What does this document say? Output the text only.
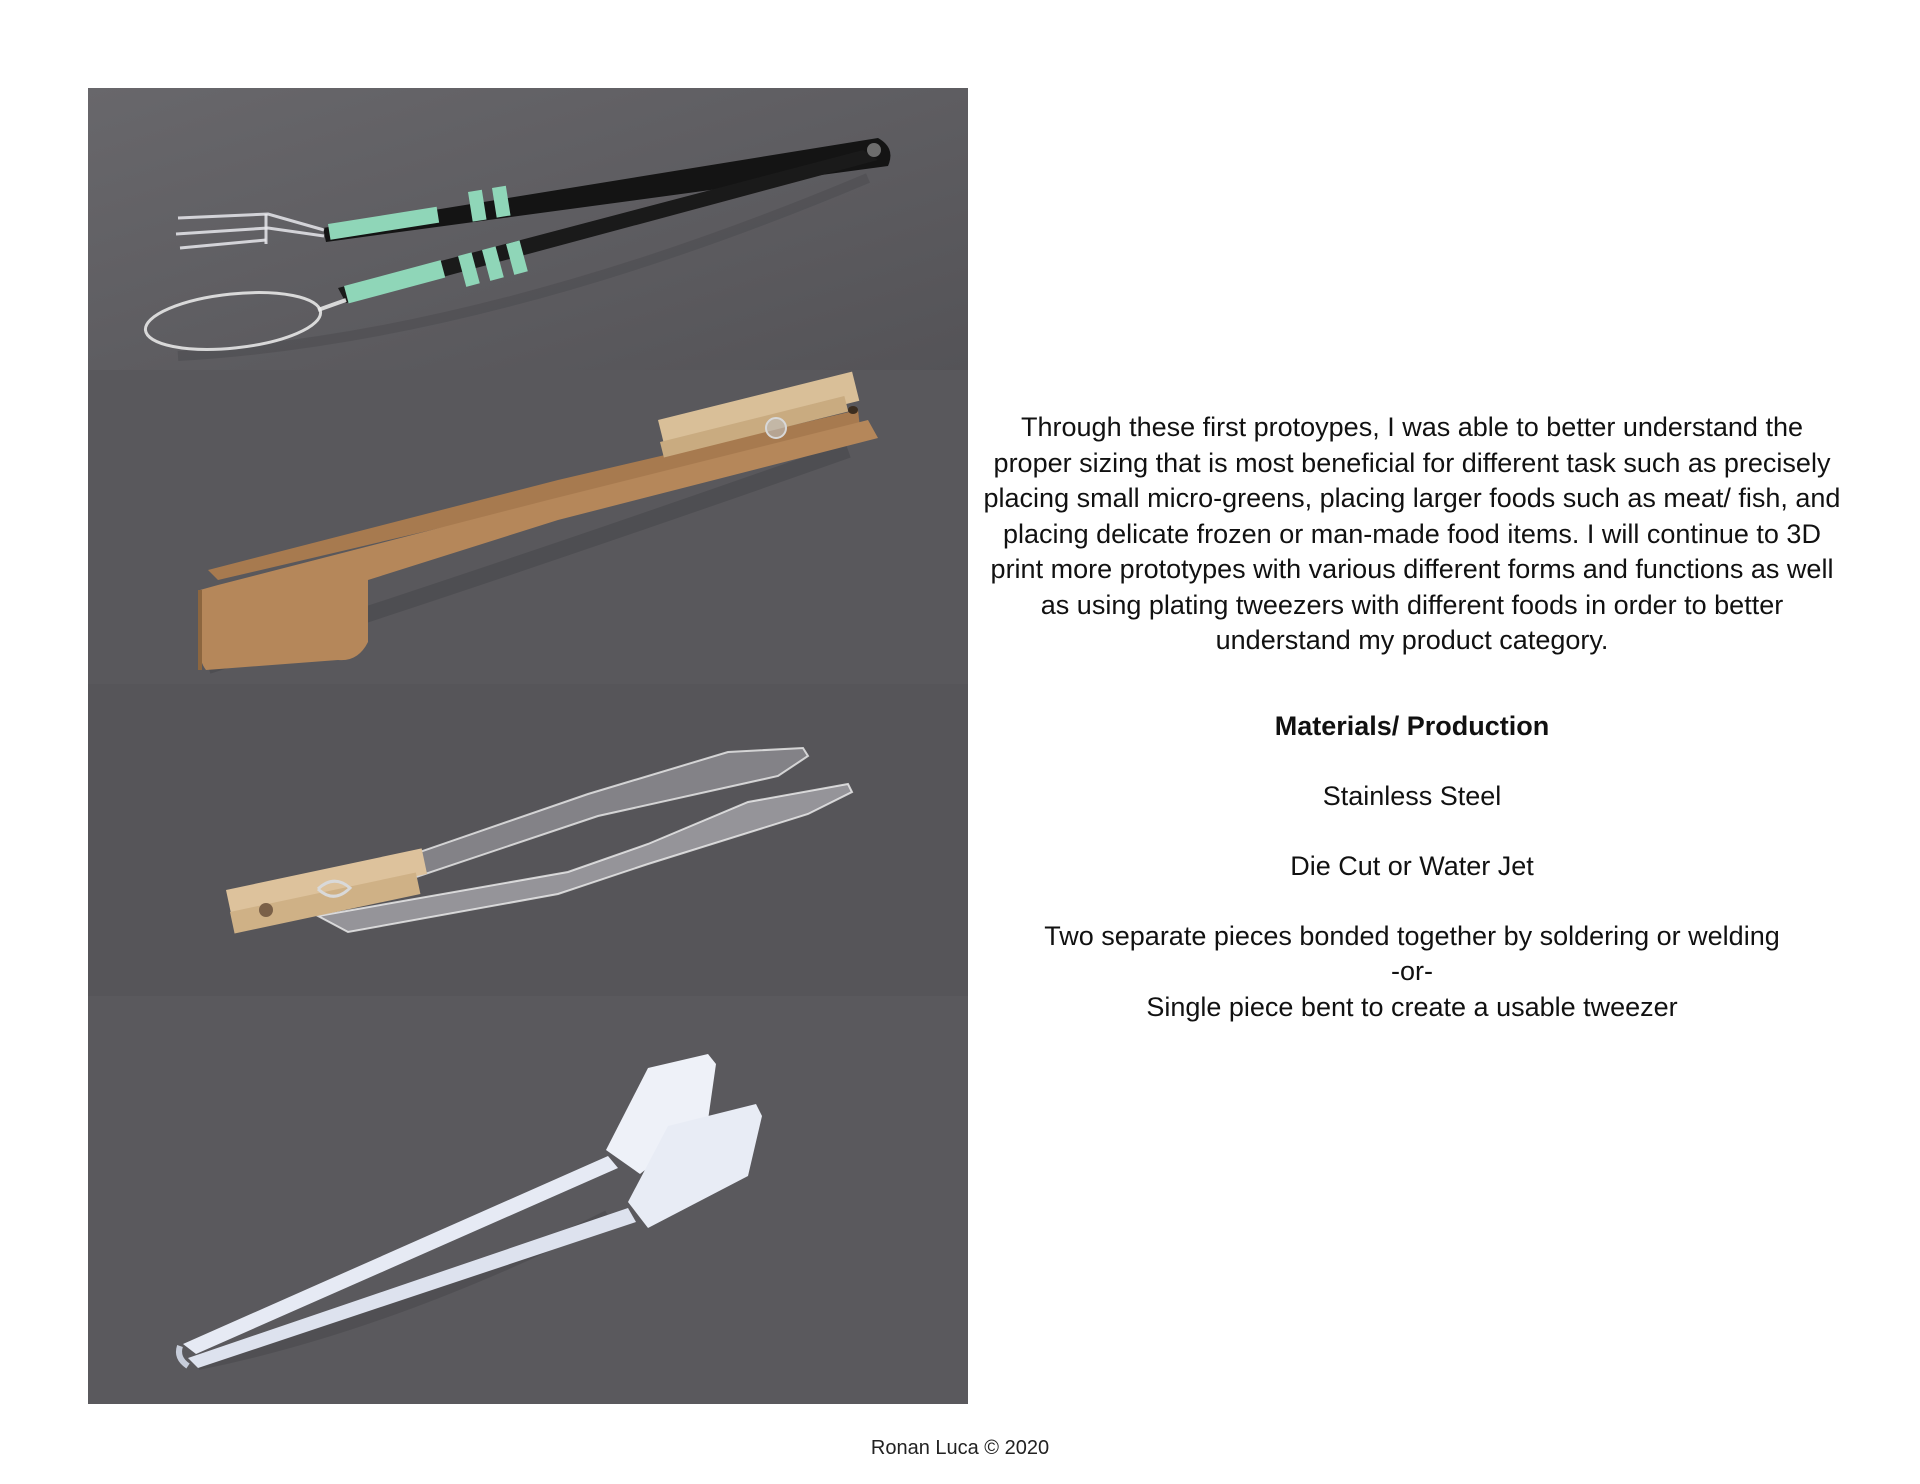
Through these first protoypes, I was able to better understand the proper sizing that is most beneficial for different task such as precisely placing small micro-greens, placing larger foods such as meat/ fish, and placing delicate frozen or man-made food items. I will continue to 3D print more prototypes with various different forms and functions as well as using plating tweezers with different foods in order to better understand my product category.

Materials/ Production

Stainless Steel

Die Cut or Water Jet

Two separate pieces bonded together by soldering or welding
-or-
Single piece bent to create a usable tweezer
Ronan Luca © 2020
